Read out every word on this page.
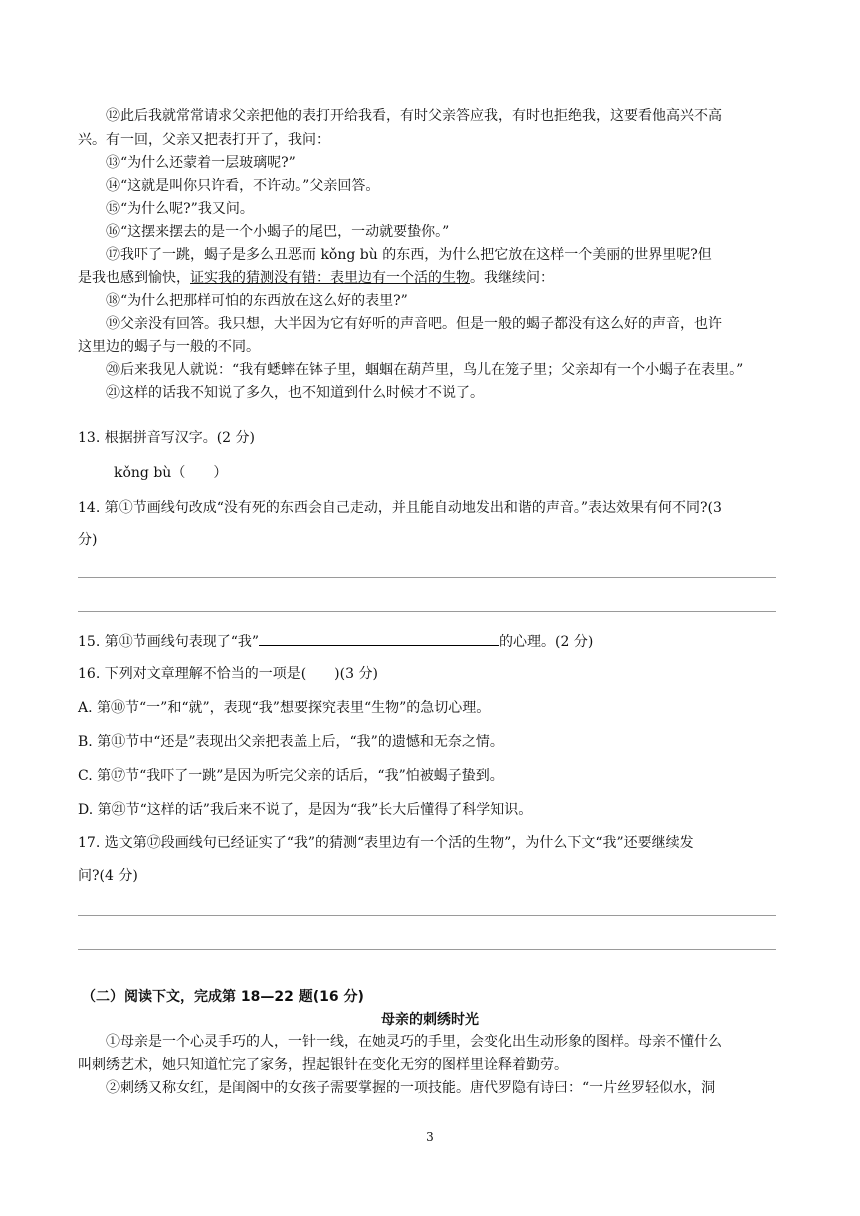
⑫此后我就常常请求父亲把他的表打开给我看，有时父亲答应我，有时也拒绝我，这要看他高兴不高
兴。有一回，父亲又把表打开了，我问：
⑬“为什么还蒙着一层玻璃呢?”
⑭“这就是叫你只许看，不许动。”父亲回答。
⑮“为什么呢?”我又问。
⑯“这摆来摆去的是一个小蝎子的尾巴，一动就要蛰你。”
⑰我吓了一跳，蝎子是多么丑恶而 kǒng bù 的东西，为什么把它放在这样一个美丽的世界里呢?但
是我也感到愉快，证实我的猜测没有错：表里边有一个活的生物。我继续问：
⑱“为什么把那样可怕的东西放在这么好的表里?”
⑲父亲没有回答。我只想，大半因为它有好听的声音吧。但是一般的蝎子都没有这么好的声音，也许
这里边的蝎子与一般的不同。
⑳后来我见人就说：“我有蟋蟀在钵子里，蝈蝈在葫芦里，鸟儿在笼子里；父亲却有一个小蝎子在表里。”
㉑这样的话我不知说了多久，也不知道到什么时候才不说了。
13. 根据拼音写汉字。(2 分)
kǒng bù（　　）
14. 第①节画线句改成“没有死的东西会自己走动，并且能自动地发出和谐的声音。”表达效果有何不同?(3
分)
15. 第⑪节画线句表现了“我”	的心理。(2 分)
16. 下列对文章理解不恰当的一项是(　　)(3 分)
A. 第⑩节“一”和“就”，表现“我”想要探究表里“生物”的急切心理。
B. 第⑪节中“还是”表现出父亲把表盖上后，“我”的遗憾和无奈之情。
C. 第⑰节“我吓了一跳”是因为听完父亲的话后，“我”怕被蝎子蛰到。
D. 第㉑节“这样的话”我后来不说了，是因为“我”长大后懂得了科学知识。
17. 选文第⑰段画线句已经证实了“我”的猜测“表里边有一个活的生物”，为什么下文“我”还要继续发
问?(4 分)
（二）阅读下文，完成第 18—22 题(16 分)
母亲的刺绣时光
①母亲是一个心灵手巧的人，一针一线，在她灵巧的手里，会变化出生动形象的图样。母亲不懂什么
叫刺绣艺术，她只知道忙完了家务，捏起银针在变化无穷的图样里诠释着勤劳。
②刺绣又称女红，是闺阁中的女孩子需要掌握的一项技能。唐代罗隐有诗曰：“一片丝罗轻似水，洞
3
